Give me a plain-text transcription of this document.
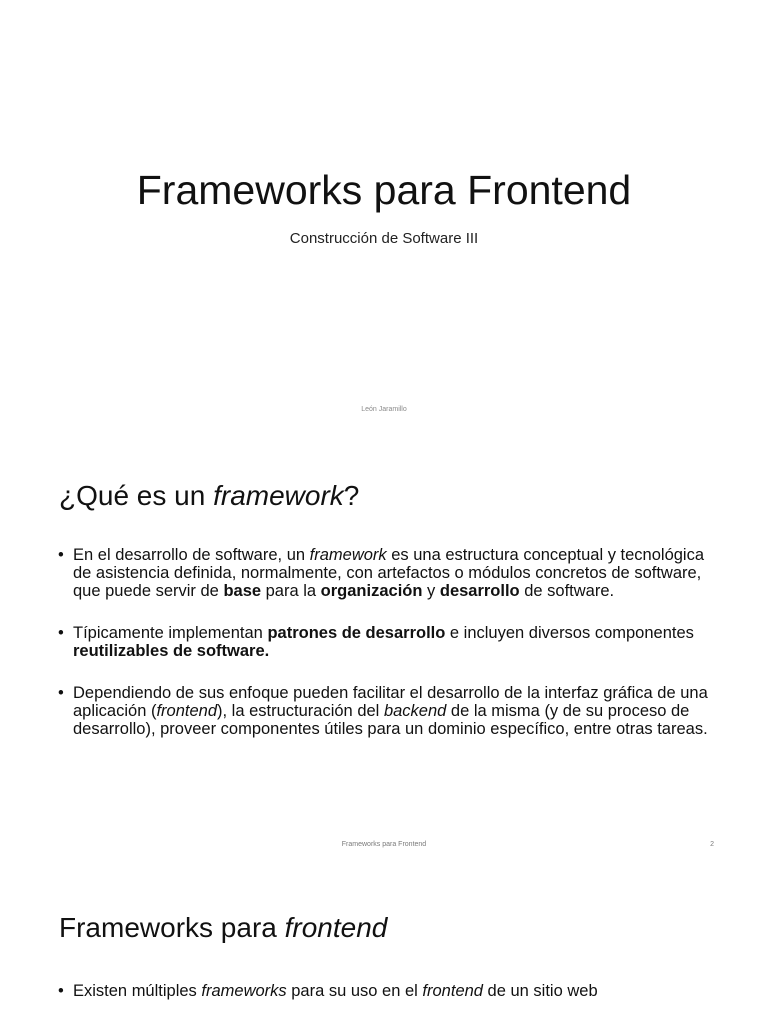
Frameworks para Frontend
Construcción de Software III
León Jaramillo
¿Qué es un framework?
• En el desarrollo de software, un framework es una estructura conceptual y tecnológica de asistencia definida, normalmente, con artefactos o módulos concretos de software, que puede servir de base para la organización y desarrollo de software.
• Típicamente implementan patrones de desarrollo e incluyen diversos componentes reutilizables de software.
• Dependiendo de sus enfoque pueden facilitar el desarrollo de la interfaz gráfica de una aplicación (frontend), la estructuración del backend de la misma (y de su proceso de desarrollo), proveer componentes útiles para un dominio específico, entre otras tareas.
Frameworks para Frontend	2
Frameworks para frontend
• Existen múltiples frameworks para su uso en el frontend de un sitio web
